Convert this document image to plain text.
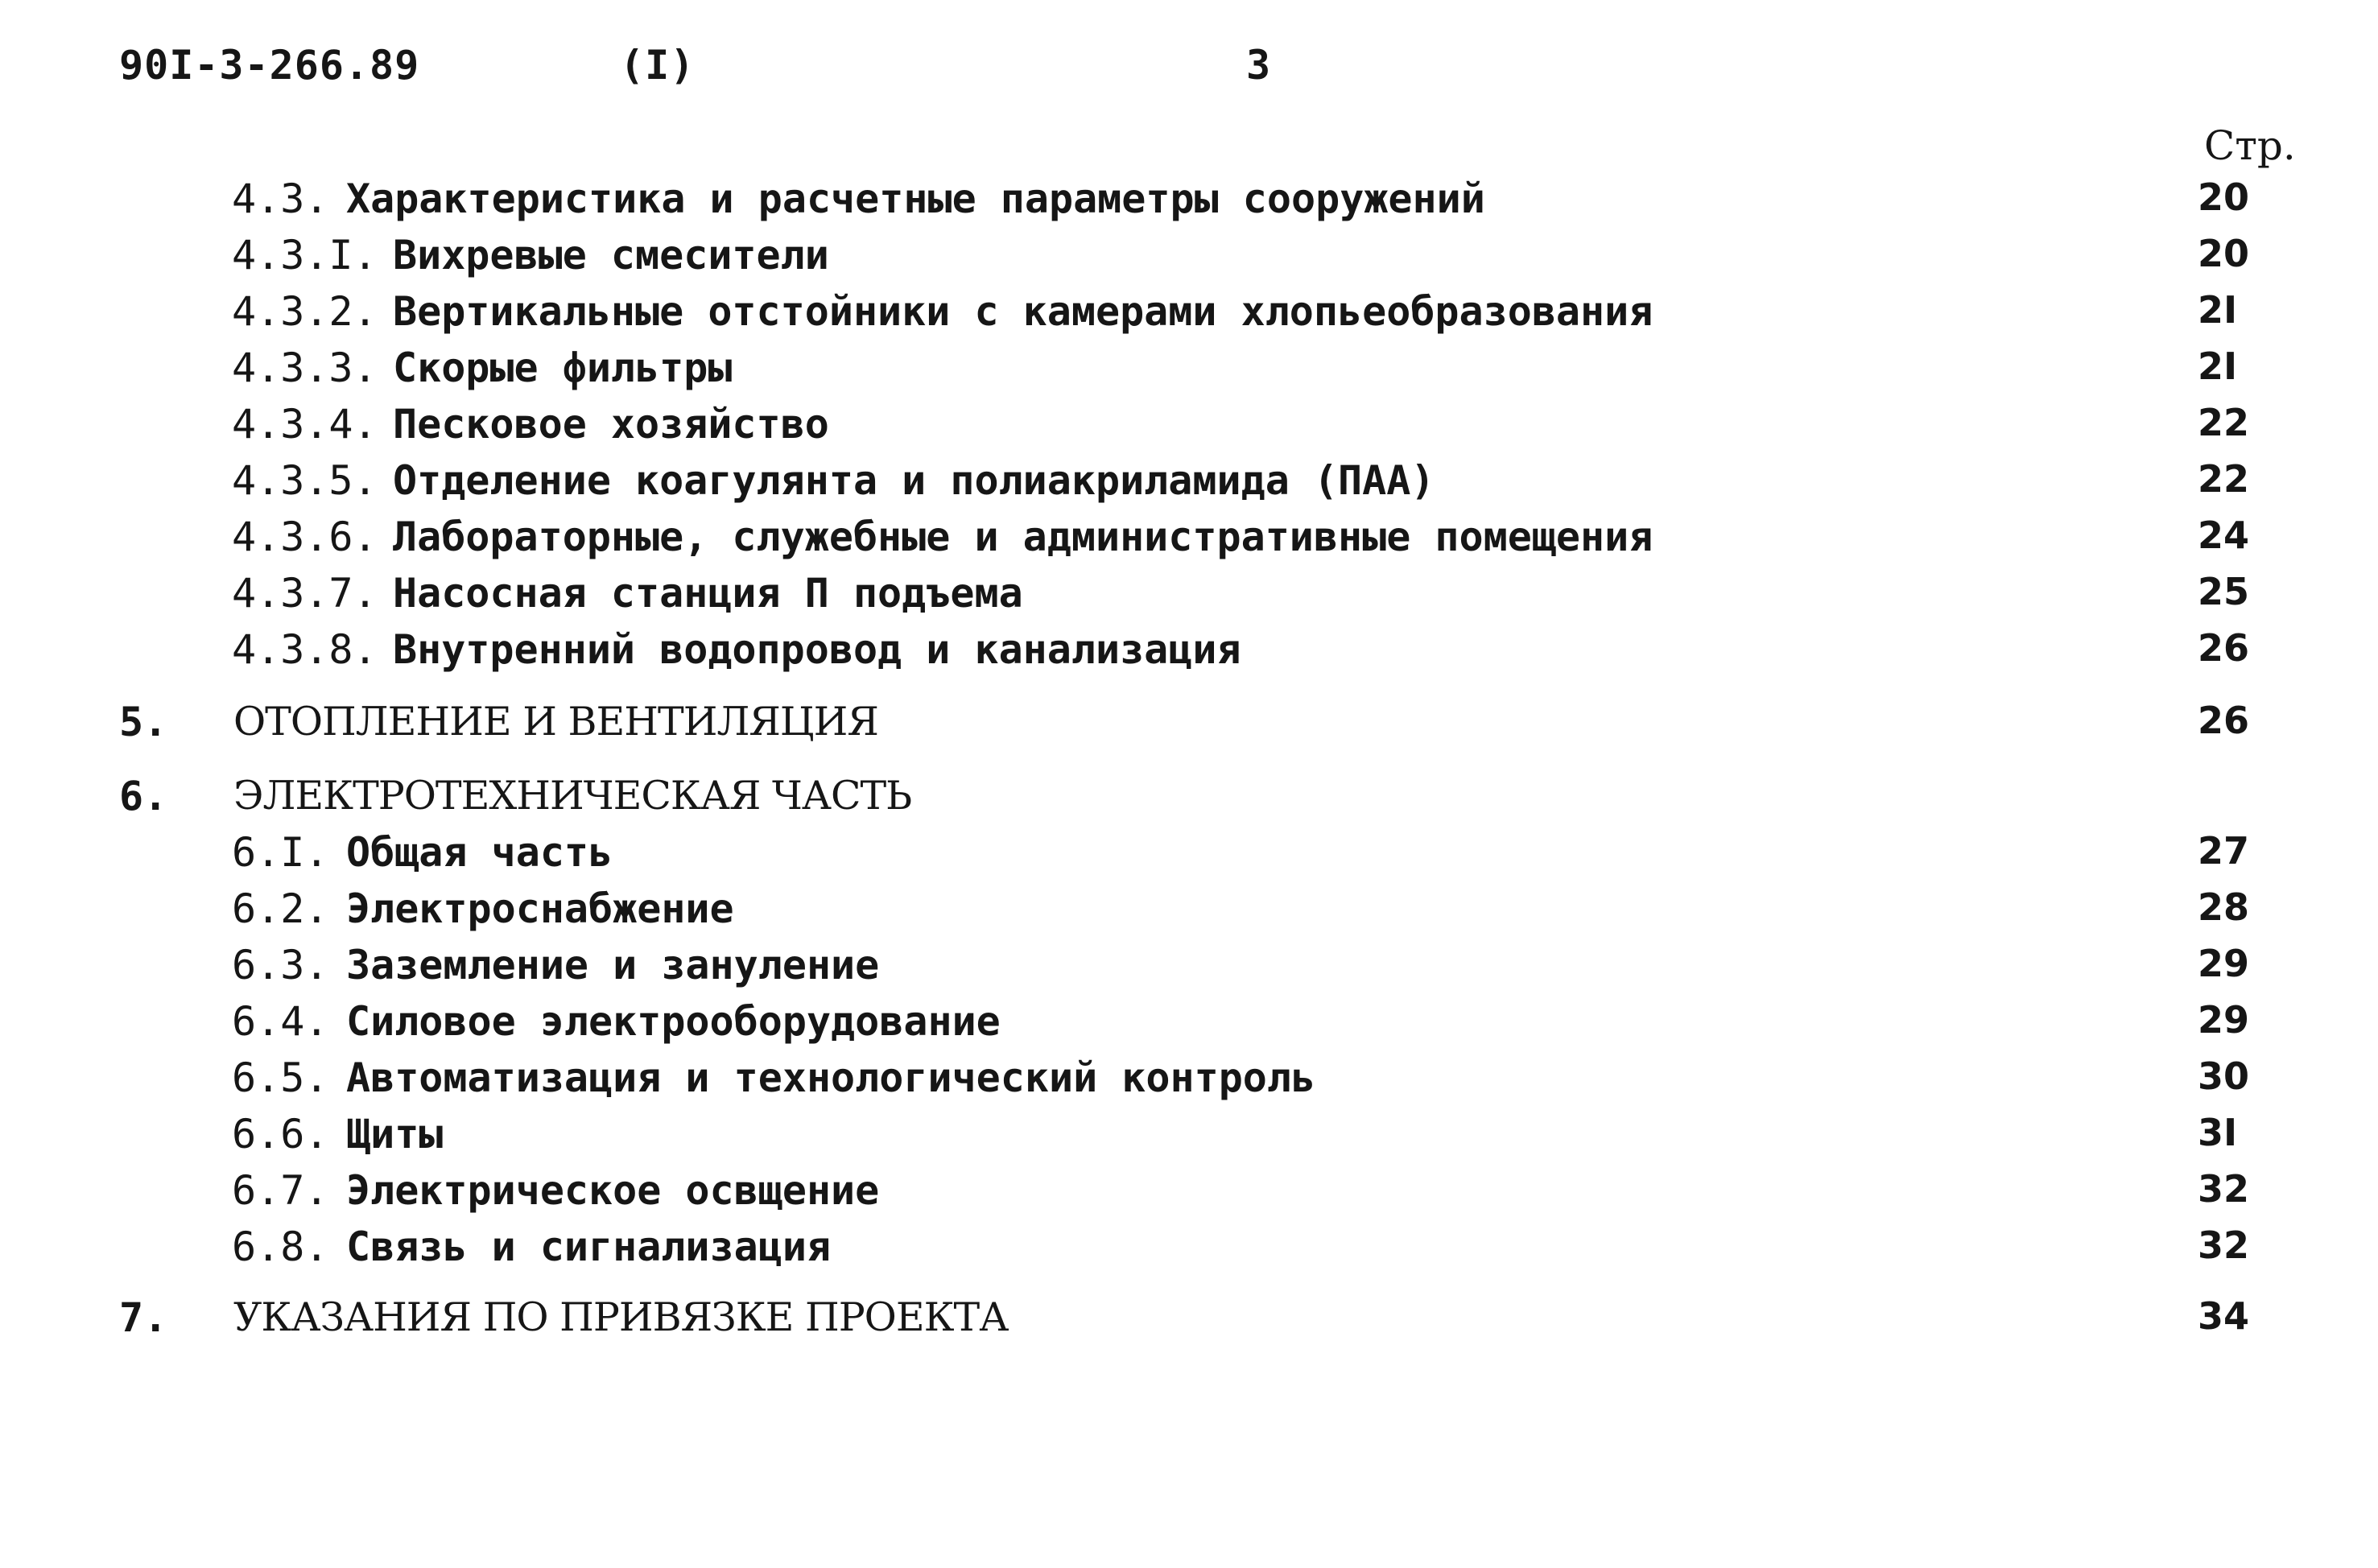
90I-3-266.89	(I)	3
Стр.
4.3. Характеристика и расчетные параметры сооружений	20
4.3.I. Вихревые смесители	20
4.3.2. Вертикальные отстойники с камерами хлопьеобразования	2I
4.3.3. Скорые фильтры	2I
4.3.4. Песковое хозяйство	22
4.3.5. Отделение коагулянта и полиакриламида (ПАА)	22
4.3.6. Лабораторные, служебные и административные помещения	24
4.3.7. Насосная станция П подъема	25
4.3.8. Внутренний водопровод и канализация	26
5. ОТОПЛЕНИЕ И ВЕНТИЛЯЦИЯ	26
6. ЭЛЕКТРОТЕХНИЧЕСКАЯ ЧАСТЬ
6.I. Общая часть	27
6.2. Электроснабжение	28
6.3. Заземление и зануление	29
6.4. Силовое электрооборудование	29
6.5. Автоматизация и технологический контроль	30
6.6. Щиты	3I
6.7. Электрическое освщение	32
6.8. Связь и сигнализация	32
7. УКАЗАНИЯ ПО ПРИВЯЗКЕ ПРОЕКТА	34
